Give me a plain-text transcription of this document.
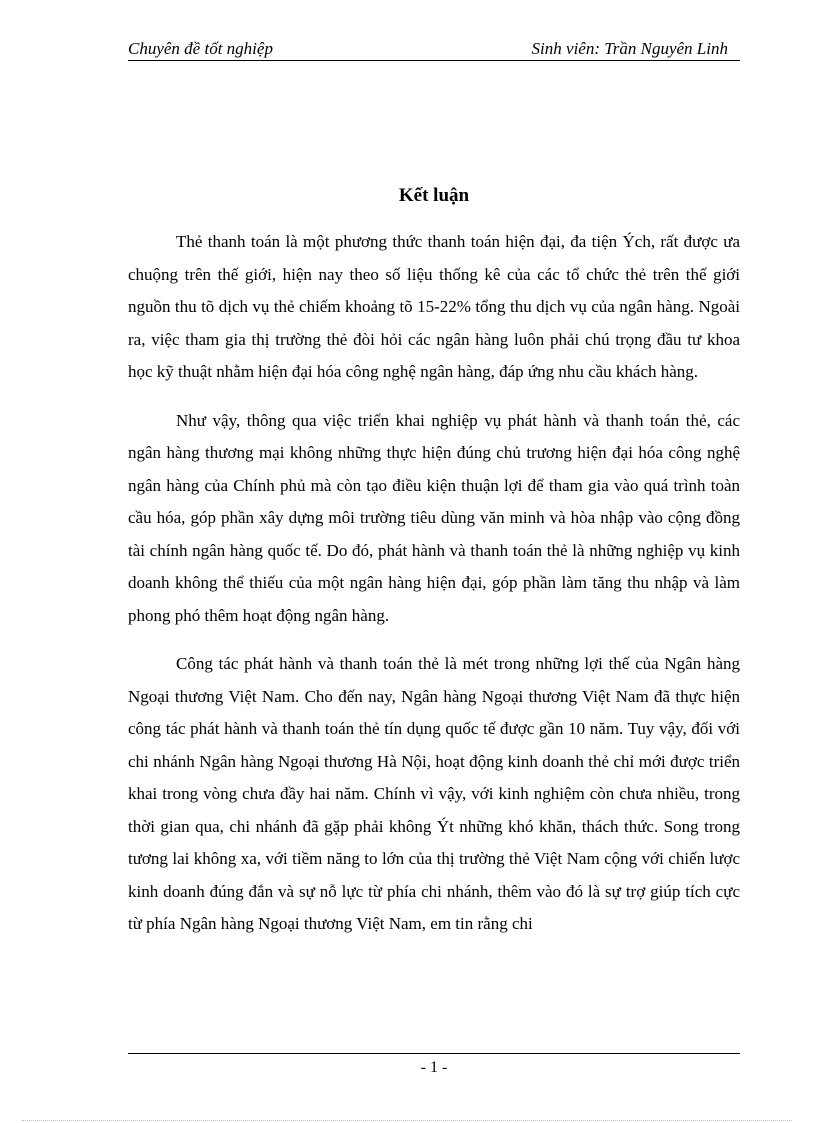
Chuyên đề tốt nghiệp	Sinh viên: Trần Nguyên Linh
Kết luận

Thẻ thanh toán là một phương thức thanh toán hiện đại, đa tiện Ých, rất được ưa chuộng trên thế giới, hiện nay theo số liệu thống kê của các tổ chức thẻ trên thế giới nguồn thu tõ dịch vụ thẻ chiếm khoảng tõ 15-22% tổng thu dịch vụ của ngân hàng. Ngoài ra, việc tham gia thị trường thẻ đòi hỏi các ngân hàng luôn phải chú trọng đầu tư khoa học kỹ thuật nhằm hiện đại hóa công nghệ ngân hàng, đáp ứng nhu cầu khách hàng.

Như vậy, thông qua việc triển khai nghiệp vụ phát hành và thanh toán thẻ, các ngân hàng thương mại không những thực hiện đúng chủ trương hiện đại hóa công nghệ ngân hàng của Chính phủ mà còn tạo điều kiện thuận lợi để tham gia vào quá trình toàn cầu hóa, góp phần xây dựng môi trường tiêu dùng văn minh và hòa nhập vào cộng đồng tài chính ngân hàng quốc tế. Do đó, phát hành và thanh toán thẻ là những nghiệp vụ kinh doanh không thể thiếu của một ngân hàng hiện đại, góp phần làm tăng thu nhập và làm phong phó thêm hoạt động ngân hàng.

Công tác phát hành và thanh toán thẻ là mét trong những lợi thế của Ngân hàng Ngoại thương Việt Nam. Cho đến nay, Ngân hàng Ngoại thương Việt Nam đã thực hiện công tác phát hành và thanh toán thẻ tín dụng quốc tế được gần 10 năm. Tuy vậy, đối với chi nhánh Ngân hàng Ngoại thương Hà Nội, hoạt động kinh doanh thẻ chỉ mới được triển khai trong vòng chưa đầy hai năm. Chính vì vậy, với kinh nghiệm còn chưa nhiều, trong thời gian qua, chi nhánh đã gặp phải không Ýt những khó khăn, thách thức. Song trong tương lai không xa, với tiềm năng to lớn của thị trường thẻ Việt Nam cộng với chiến lược kinh doanh đúng đắn và sự nỗ lực từ phía chi nhánh, thêm vào đó là sự trợ giúp tích cực từ phía Ngân hàng Ngoại thương Việt Nam, em tin rằng chi

- 1 -
